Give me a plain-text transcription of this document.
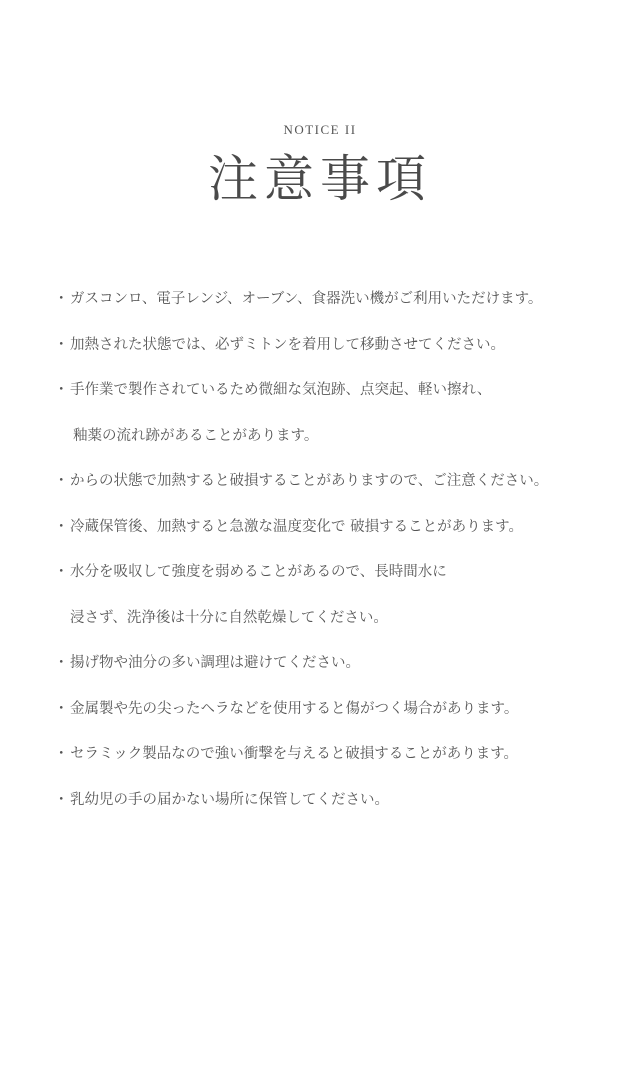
NOTICE II
注意事項
・ ガスコンロ、電子レンジ、オーブン、食器洗い機がご利用いただけます。
・ 加熱された状態では、必ずミトンを着用して移動させてください。
・ 手作業で製作されているため微細な気泡跡、点突起、軽い擦れ、
釉薬の流れ跡があることがあります。
・ からの状態で加熱すると破損することがありますので、ご注意ください。
・ 冷蔵保管後、加熱すると急激な温度変化で 破損することがあります。
・ 水分を吸収して強度を弱めることがあるので、長時間水に
浸さず、洗浄後は十分に自然乾燥してください。
・ 揚げ物や油分の多い調理は避けてください。
・ 金属製や先の尖ったヘラなどを使用すると傷がつく場合があります。
・ セラミック製品なので強い衝撃を与えると破損することがあります。
・ 乳幼児の手の届かない場所に保管してください。
